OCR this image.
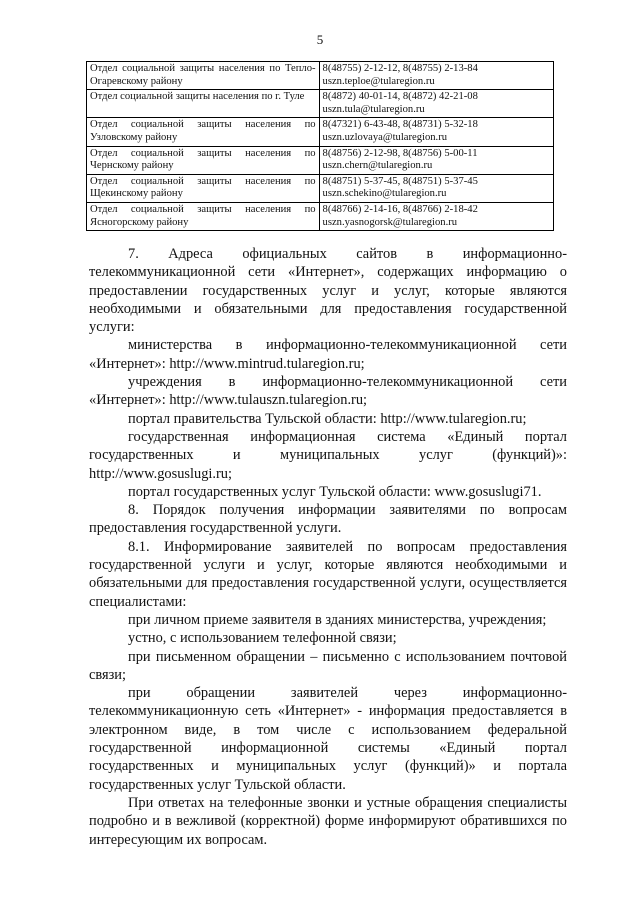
5
Отдел социальной защиты населения по Тепло-Огаревскому району	8(48755) 2-12-12, 8(48755) 2-13-84
uszn.teploe@tularegion.ru

Отдел социальной защиты населения по г. Туле	8(4872) 40-01-14, 8(4872) 42-21-08
uszn.tula@tularegion.ru

Отдел социальной защиты населения по Узловскому району	8(47321) 6-43-48, 8(48731) 5-32-18
uszn.uzlovaya@tularegion.ru

Отдел социальной защиты населения по Чернскому району	8(48756) 2-12-98, 8(48756) 5-00-11
uszn.chern@tularegion.ru

Отдел социальной защиты населения по Щекинскому району	8(48751) 5-37-45, 8(48751) 5-37-45
uszn.schekino@tularegion.ru

Отдел социальной защиты населения по Ясногорскому району	8(48766) 2-14-16, 8(48766) 2-18-42
uszn.yasnogorsk@tularegion.ru

7. Адреса официальных сайтов в информационно-телекоммуникационной сети «Интернет», содержащих информацию о предоставлении государственных услуг и услуг, которые являются необходимыми и обязательными для предоставления государственной услуги:

министерства в информационно-телекоммуникационной сети «Интернет»: http://www.mintrud.tularegion.ru;

учреждения в информационно-телекоммуникационной сети «Интернет»: http://www.tulauszn.tularegion.ru;

портал правительства Тульской области: http://www.tularegion.ru;

государственная информационная система «Единый портал государственных и муниципальных услуг (функций)»: http://www.gosuslugi.ru;

портал государственных услуг Тульской области: www.gosuslugi71.

8. Порядок получения информации заявителями по вопросам предоставления государственной услуги.

8.1. Информирование заявителей по вопросам предоставления государственной услуги и услуг, которые являются необходимыми и обязательными для предоставления государственной услуги, осуществляется специалистами:

при личном приеме заявителя в зданиях министерства, учреждения;

устно, с использованием телефонной связи;

при письменном обращении – письменно с использованием почтовой связи;

при обращении заявителей через информационно-телекоммуникационную сеть «Интернет» - информация предоставляется в электронном виде, в том числе с использованием федеральной государственной информационной системы «Единый портал государственных и муниципальных услуг (функций)» и портала государственных услуг Тульской области.

При ответах на телефонные звонки и устные обращения специалисты подробно и в вежливой (корректной) форме информируют обратившихся по интересующим их вопросам.
